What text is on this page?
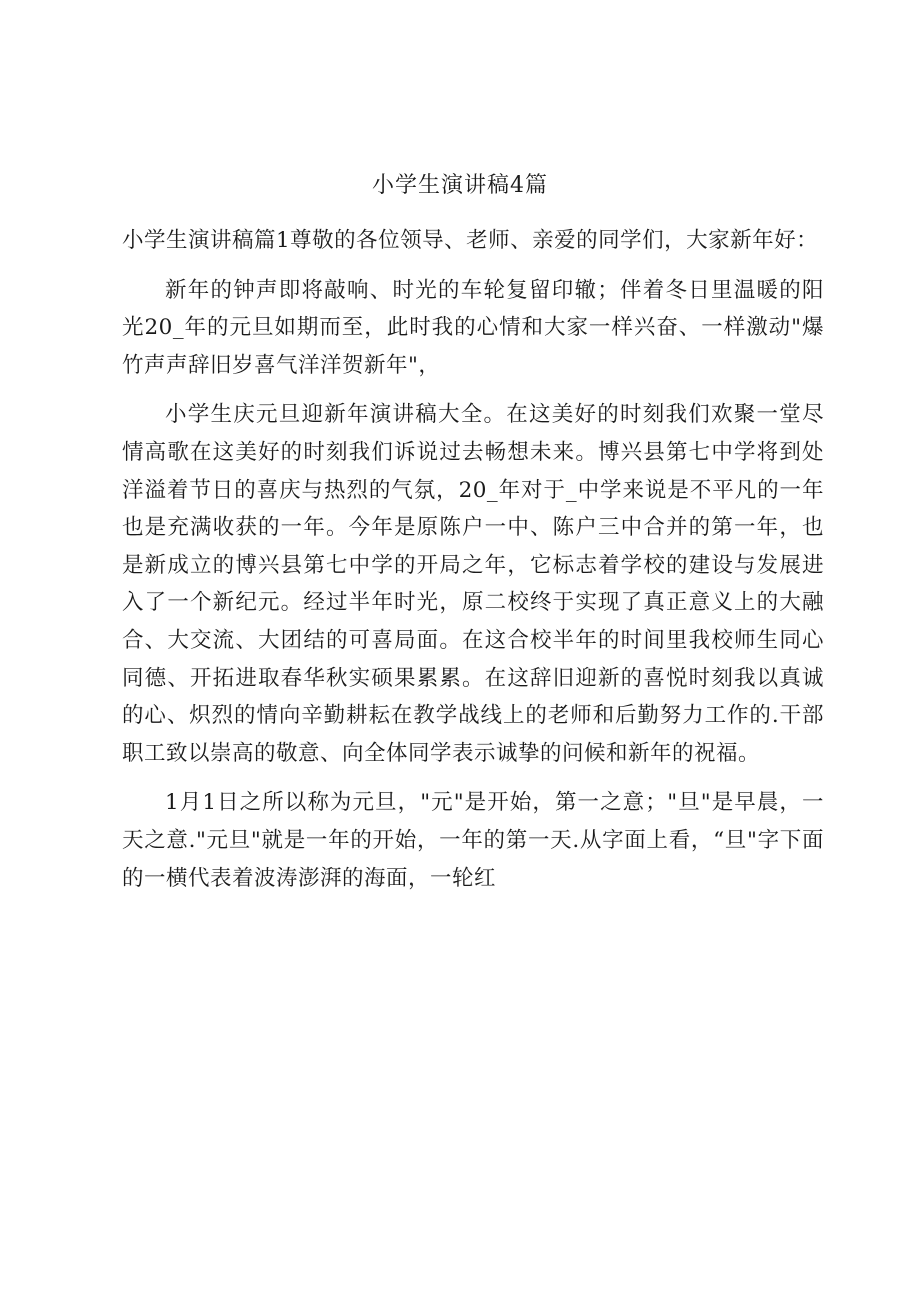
小学生演讲稿4篇

小学生演讲稿篇1尊敬的各位领导、老师、亲爱的同学们，大家新年好：

新年的钟声即将敲响、时光的车轮复留印辙；伴着冬日里温暖的阳光20_年的元旦如期而至，此时我的心情和大家一样兴奋、一样激动"爆竹声声辞旧岁喜气洋洋贺新年"，

小学生庆元旦迎新年演讲稿大全。在这美好的时刻我们欢聚一堂尽情高歌在这美好的时刻我们诉说过去畅想未来。博兴县第七中学将到处洋溢着节日的喜庆与热烈的气氛，20_年对于_中学来说是不平凡的一年也是充满收获的一年。今年是原陈户一中、陈户三中合并的第一年，也是新成立的博兴县第七中学的开局之年，它标志着学校的建设与发展进入了一个新纪元。经过半年时光，原二校终于实现了真正意义上的大融合、大交流、大团结的可喜局面。在这合校半年的时间里我校师生同心同德、开拓进取春华秋实硕果累累。在这辞旧迎新的喜悦时刻我以真诚的心、炽烈的情向辛勤耕耘在教学战线上的老师和后勤努力工作的.干部职工致以崇高的敬意、向全体同学表示诚挚的问候和新年的祝福。

1月1日之所以称为元旦，"元"是开始，第一之意；"旦"是早晨，一天之意."元旦"就是一年的开始，一年的第一天.从字面上看，“旦"字下面的一横代表着波涛澎湃的海面，一轮红
